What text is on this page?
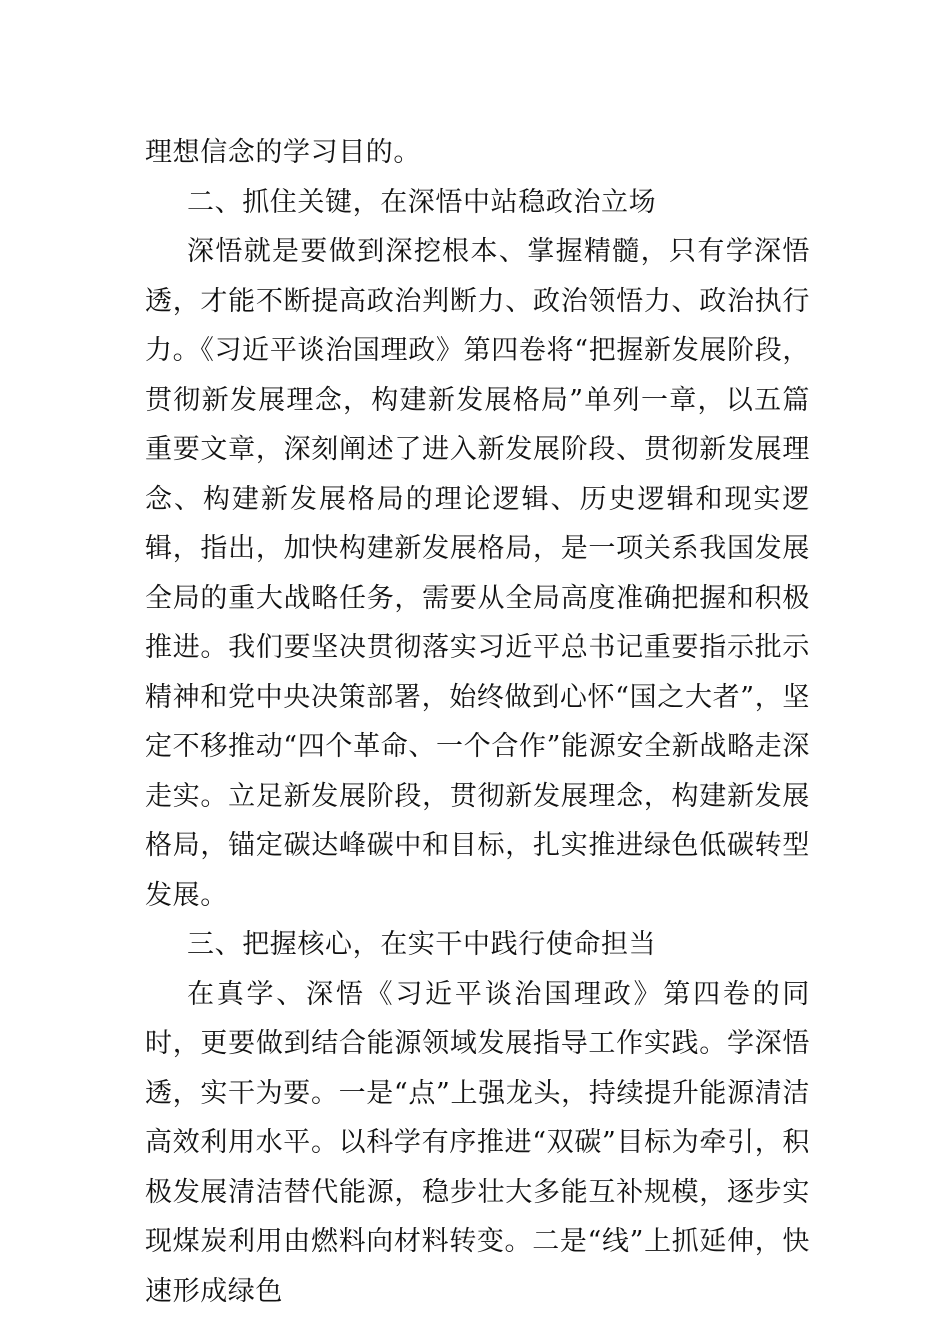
理想信念的学习目的。

二、抓住关键，在深悟中站稳政治立场

深悟就是要做到深挖根本、掌握精髓，只有学深悟透，才能不断提高政治判断力、政治领悟力、政治执行力。《习近平谈治国理政》第四卷将“把握新发展阶段，贯彻新发展理念，构建新发展格局”单列一章，以五篇重要文章，深刻阐述了进入新发展阶段、贯彻新发展理念、构建新发展格局的理论逻辑、历史逻辑和现实逻辑，指出，加快构建新发展格局，是一项关系我国发展全局的重大战略任务，需要从全局高度准确把握和积极推进。我们要坚决贯彻落实习近平总书记重要指示批示精神和党中央决策部署，始终做到心怀“国之大者”，坚定不移推动“四个革命、一个合作”能源安全新战略走深走实。立足新发展阶段，贯彻新发展理念，构建新发展格局，锚定碳达峰碳中和目标，扎实推进绿色低碳转型发展。

三、把握核心，在实干中践行使命担当

在真学、深悟《习近平谈治国理政》第四卷的同时，更要做到结合能源领域发展指导工作实践。学深悟透，实干为要。一是“点”上强龙头，持续提升能源清洁高效利用水平。以科学有序推进“双碳”目标为牵引，积极发展清洁替代能源，稳步壮大多能互补规模，逐步实现煤炭利用由燃料向材料转变。二是“线”上抓延伸，快速形成绿色
